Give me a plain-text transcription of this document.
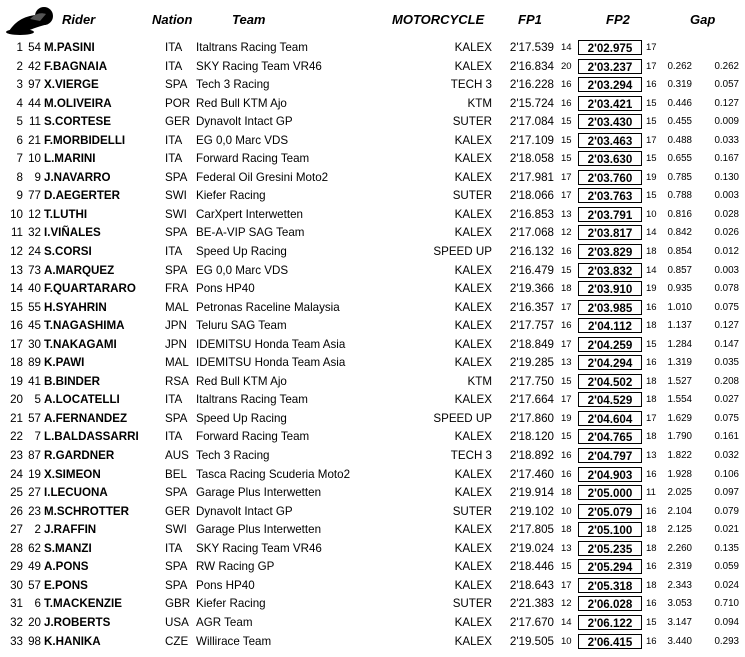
Rider	Nation	Team	MOTORCYCLE	FP1	FP2	Gap
1 54 M.PASINI	ITA Italtrans Racing Team	KALEX 2'17.539 14	2'02.975	17
2 42 F.BAGNAIA	ITA SKY Racing Team VR46	KALEX 2'16.834 20	2'03.237	17 0.262 0.262
3 97 X.VIERGE	SPA Tech 3 Racing	TECH 3 2'16.228 16	2'03.294	16 0.319 0.057
4 44 M.OLIVEIRA	POR Red Bull KTM Ajo	KTM 2'15.724 16	2'03.421	15 0.446 0.127
5 11 S.CORTESE	GER Dynavolt Intact GP	SUTER 2'17.084 15	2'03.430	15 0.455 0.009
6 21 F.MORBIDELLI	ITA EG 0,0 Marc VDS	KALEX 2'17.109 15	2'03.463	17 0.488 0.033
7 10 L.MARINI	ITA Forward Racing Team	KALEX 2'18.058 15	2'03.630	15 0.655 0.167
8 9 J.NAVARRO	SPA Federal Oil Gresini Moto2	KALEX 2'17.981 17	2'03.760	19 0.785 0.130
9 77 D.AEGERTER	SWI Kiefer Racing	SUTER 2'18.066 17	2'03.763	15 0.788 0.003
10 12 T.LUTHI	SWI CarXpert Interwetten	KALEX 2'16.853 13	2'03.791	10 0.816 0.028
11 32 I.VIÑALES	SPA BE-A-VIP SAG Team	KALEX 2'17.068 12	2'03.817	14 0.842 0.026
12 24 S.CORSI	ITA Speed Up Racing	SPEED UP 2'16.132 16	2'03.829	18 0.854 0.012
13 73 A.MARQUEZ	SPA EG 0,0 Marc VDS	KALEX 2'16.479 15	2'03.832	14 0.857 0.003
14 40 F.QUARTARARO	FRA Pons HP40	KALEX 2'19.366 18	2'03.910	19 0.935 0.078
15 55 H.SYAHRIN	MAL Petronas Raceline Malaysia	KALEX 2'16.357 17	2'03.985	16 1.010 0.075
16 45 T.NAGASHIMA	JPN Teluru SAG Team	KALEX 2'17.757 16	2'04.112	18 1.137 0.127
17 30 T.NAKAGAMI	JPN IDEMITSU Honda Team Asia	KALEX 2'18.849 17	2'04.259	15 1.284 0.147
18 89 K.PAWI	MAL IDEMITSU Honda Team Asia	KALEX 2'19.285 13	2'04.294	16 1.319 0.035
19 41 B.BINDER	RSA Red Bull KTM Ajo	KTM 2'17.750 15	2'04.502	18 1.527 0.208
20 5 A.LOCATELLI	ITA Italtrans Racing Team	KALEX 2'17.664 17	2'04.529	18 1.554 0.027
21 57 A.FERNANDEZ	SPA Speed Up Racing	SPEED UP 2'17.860 19	2'04.604	17 1.629 0.075
22 7 L.BALDASSARRI ITA Forward Racing Team	KALEX 2'18.120 15	2'04.765	18 1.790 0.161
23 87 R.GARDNER	AUS Tech 3 Racing	TECH 3 2'18.892 16	2'04.797	13 1.822 0.032
24 19 X.SIMEON	BEL Tasca Racing Scuderia Moto2	KALEX 2'17.460 16	2'04.903	16 1.928 0.106
25 27 I.LECUONA	SPA Garage Plus Interwetten	KALEX 2'19.914 18	2'05.000	11 2.025 0.097
26 23 M.SCHROTTER	GER Dynavolt Intact GP	SUTER 2'19.102 10	2'05.079	16 2.104 0.079
27 2 J.RAFFIN	SWI Garage Plus Interwetten	KALEX 2'17.805 18	2'05.100	18 2.125 0.021
28 62 S.MANZI	ITA SKY Racing Team VR46	KALEX 2'19.024 13	2'05.235	18 2.260 0.135
29 49 A.PONS	SPA RW Racing GP	KALEX 2'18.446 15	2'05.294	16 2.319 0.059
30 57 E.PONS	SPA Pons HP40	KALEX 2'18.643 17	2'05.318	18 2.343 0.024
31 6 T.MACKENZIE	GBR Kiefer Racing	SUTER 2'21.383 12	2'06.028	16 3.053 0.710
32 20 J.ROBERTS	USA AGR Team	KALEX 2'17.670 14	2'06.122	15 3.147 0.094
33 98 K.HANIKA	CZE Willirace Team	KALEX 2'19.505 10	2'06.415	16 3.440 0.293
